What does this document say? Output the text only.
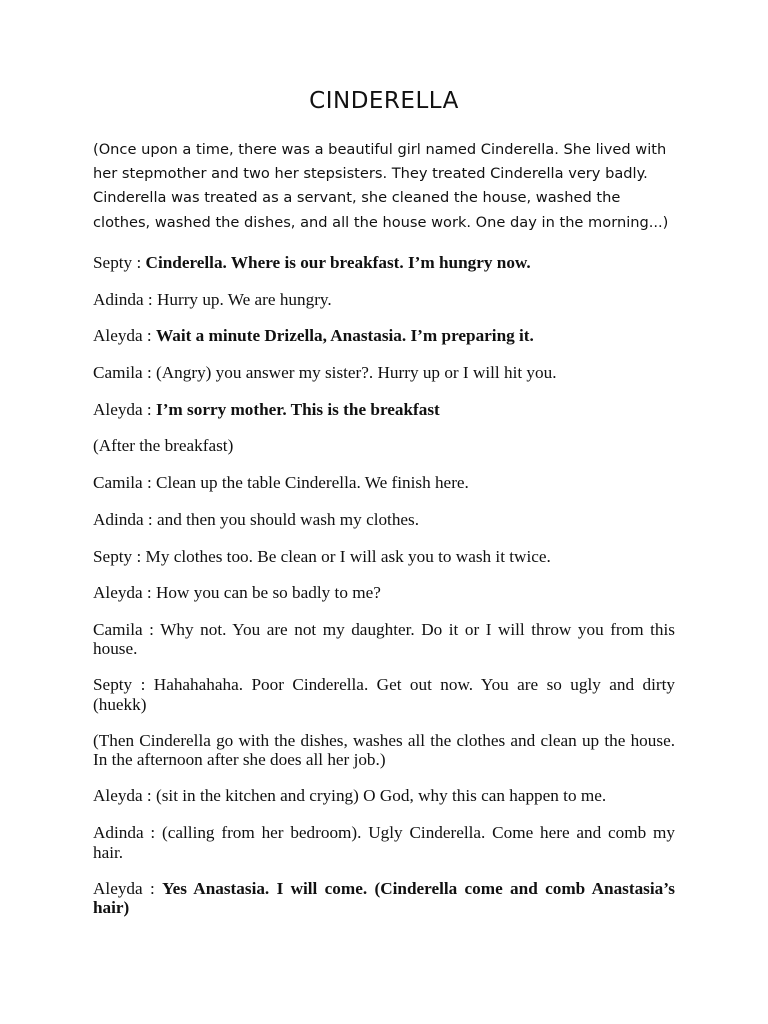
CINDERELLA

(Once upon a time, there was a beautiful girl named Cinderella. She lived with her stepmother and two her stepsisters. They treated Cinderella very badly. Cinderella was treated as a servant, she cleaned the house, washed the clothes, washed the dishes, and all the house work. One day in the morning...)

Septy : Cinderella. Where is our breakfast. I’m hungry now.

Adinda : Hurry up. We are hungry.

Aleyda : Wait a minute Drizella, Anastasia. I’m preparing it.

Camila : (Angry) you answer my sister?. Hurry up or I will hit you.

Aleyda : I’m sorry mother. This is the breakfast

(After the breakfast)

Camila : Clean up the table Cinderella. We finish here.

Adinda : and then you should wash my clothes.

Septy : My clothes too. Be clean or I will ask you to wash it twice.

Aleyda : How you can be so badly to me?

Camila : Why not. You are not my daughter. Do it or I will throw you from this house.

Septy : Hahahahaha. Poor Cinderella. Get out now. You are so ugly and dirty (huekk)

(Then Cinderella go with the dishes, washes all the clothes and clean up the house. In the afternoon after she does all her job.)

Aleyda : (sit in the kitchen and crying) O God, why this can happen to me.

Adinda : (calling from her bedroom). Ugly Cinderella. Come here and comb my hair.

Aleyda : Yes Anastasia. I will come. (Cinderella come and comb Anastasia’s hair)
